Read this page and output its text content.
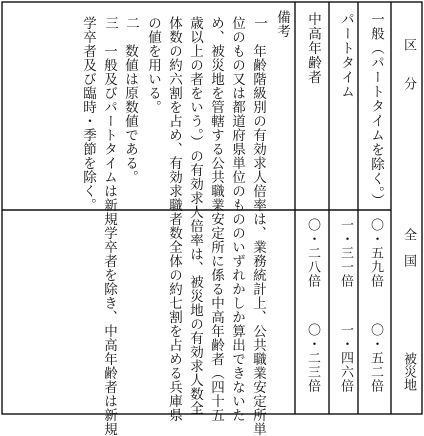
区　　分
全　国
被災地
一般（パートタイムを除く。）
〇・五九倍
〇・五二倍
パートタイム
一・三一倍
一・四六倍
中高年齢者
〇・二八倍
〇・二三倍
備考
一
年齢階級別の有効求人倍率は、業務統計上、公共職業安定所単
位のもの又は都道府県単位のもののいずれかしか算出できないた
め、被災地を管轄する公共職業安定所に係る中高年齢者（四十五
歳以上の者をいう。）の有効求人倍率は、被災地の有効求人数全
体数の約六割を占め、有効求職者数全体の約七割を占める兵庫県
の値を用いる。
二
数値は原数値である。
三
一般及びパートタイムは新規学卒者を除き、中高年齢者は新規
学卒者及び臨時・季節を除く。
